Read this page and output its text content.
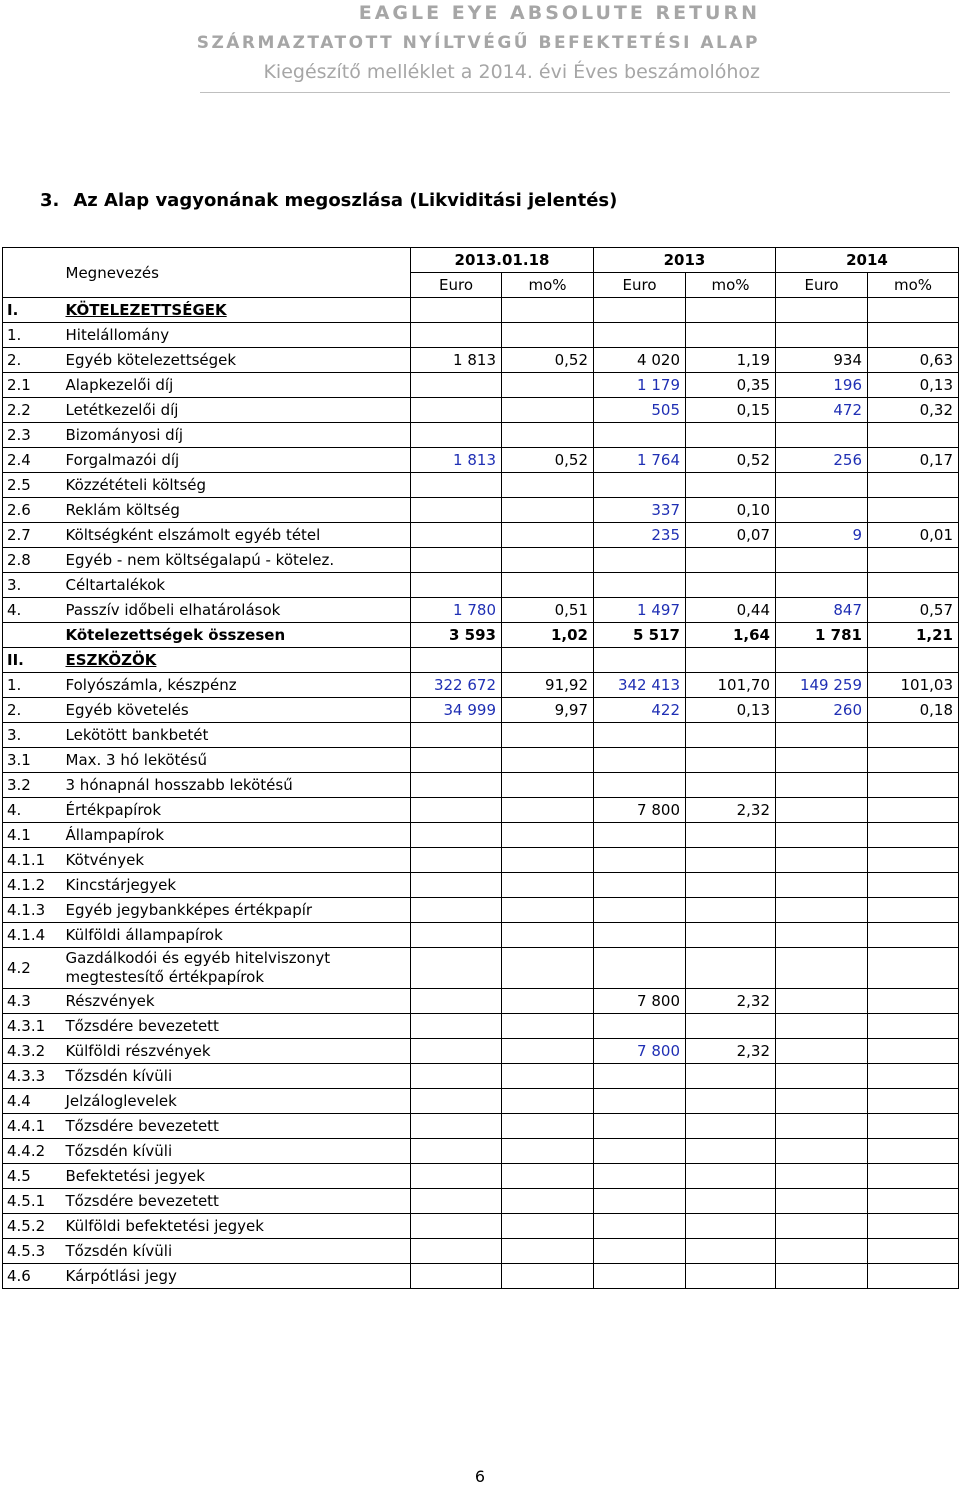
EAGLE EYE ABSOLUTE RETURN
SZÁRMAZTATOTT NYÍLTVÉGŰ BEFEKTETÉSI ALAP
Kiegészítő melléklet a 2014. évi Éves beszámolóhoz
3. Az Alap vagyonának megoszlása (Likviditási jelentés)
	Megnevezés	2013.01.18		2013		2014	
		Euro	mo%	Euro	mo%	Euro	mo%
I.	KÖTELEZETTSÉGEK						
1.	Hitelállomány						
2.	Egyéb kötelezettségek	1 813	0,52	4 020	1,19	934	0,63
2.1	Alapkezelői díj			1 179	0,35	196	0,13
2.2	Letétkezelői díj			505	0,15	472	0,32
2.3	Bizományosi díj						
2.4	Forgalmazói díj	1 813	0,52	1 764	0,52	256	0,17
2.5	Közzétételi költség						
2.6	Reklám költség			337	0,10		
2.7	Költségként elszámolt egyéb tétel			235	0,07	9	0,01
2.8	Egyéb - nem költségalapú - kötelez.						
3.	Céltartalékok						
4.	Passzív időbeli elhatárolások	1 780	0,51	1 497	0,44	847	0,57
	Kötelezettségek összesen	3 593	1,02	5 517	1,64	1 781	1,21
II.	ESZKÖZÖK						
1.	Folyószámla, készpénz	322 672	91,92	342 413	101,70	149 259	101,03
2.	Egyéb követelés	34 999	9,97	422	0,13	260	0,18
3.	Lekötött bankbetét						
3.1	Max. 3 hó lekötésű						
3.2	3 hónapnál hosszabb lekötésű						
4.	Értékpapírok			7 800	2,32		
4.1	Állampapírok						
4.1.1	Kötvények						
4.1.2	Kincstárjegyek						
4.1.3	Egyéb jegybankképes értékpapír						
4.1.4	Külföldi állampapírok						
4.2	Gazdálkodói és egyéb hitelviszonyt megtestesítő értékpapírok						
4.3	Részvények			7 800	2,32		
4.3.1	Tőzsdére bevezetett						
4.3.2	Külföldi részvények			7 800	2,32		
4.3.3	Tőzsdén kívüli						
4.4	Jelzáloglevelek						
4.4.1	Tőzsdére bevezetett						
4.4.2	Tőzsdén kívüli						
4.5	Befektetési jegyek						
4.5.1	Tőzsdére bevezetett						
4.5.2	Külföldi befektetési jegyek						
4.5.3	Tőzsdén kívüli						
4.6	Kárpótlási jegy						
6
